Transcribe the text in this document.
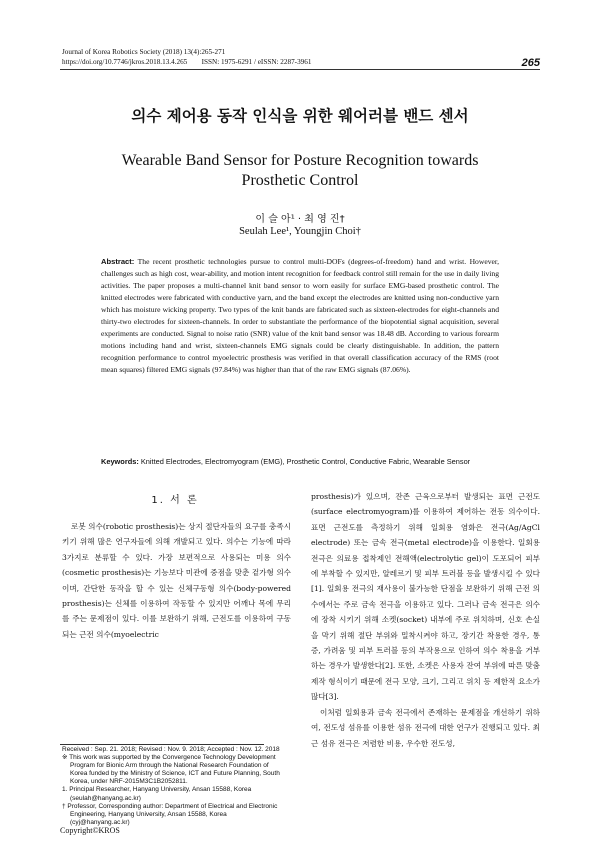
Journal of Korea Robotics Society (2018) 13(4):265-271
https://doi.org/10.7746/jkros.2018.13.4.265        ISSN: 1975-6291 / eISSN: 2287-3961	265
의수 제어용 동작 인식을 위한 웨어러블 밴드 센서
Wearable Band Sensor for Posture Recognition towards
Prosthetic Control
이 슬 아¹ · 최 영 진†
Seulah Lee¹, Youngjin Choi†
Abstract: The recent prosthetic technologies pursue to control multi-DOFs (degrees-of-freedom) hand and wrist. However, challenges such as high cost, wear-ability, and motion intent recognition for feedback control still remain for the use in daily living activities. The paper proposes a multi-channel knit band sensor to worn easily for surface EMG-based prosthetic control. The knitted electrodes were fabricated with conductive yarn, and the band except the electrodes are knitted using non-conductive yarn which has moisture wicking property. Two types of the knit bands are fabricated such as sixteen-electrodes for eight-channels and thirty-two electrodes for sixteen-channels. In order to substantiate the performance of the biopotential signal acquisition, several experiments are conducted. Signal to noise ratio (SNR) value of the knit band sensor was 18.48 dB. According to various forearm motions including hand and wrist, sixteen-channels EMG signals could be clearly distinguishable. In addition, the pattern recognition performance to control myoelectric prosthesis was verified in that overall classification accuracy of the RMS (root mean squares) filtered EMG signals (97.84%) was higher than that of the raw EMG signals (87.06%).
Keywords: Knitted Electrodes, Electromyogram (EMG), Prosthetic Control, Conductive Fabric, Wearable Sensor
1. 서 론
로봇 의수(robotic prosthesis)는 상지 절단자들의 요구를 충족시키기 위해 많은 연구자들에 의해 개발되고 있다. 의수는 기능에 따라 3가지로 분류할 수 있다. 가장 보편적으로 사용되는 미용 의수(cosmetic prosthesis)는 기능보다 미관에 중점을 맞춘 겉가형 의수이며, 간단한 동작을 할 수 있는 신체구동형 의수(body-powered prosthesis)는 신체를 이용하여 작동할 수 있지만 어깨나 목에 무리를 주는 문제점이 있다. 이를 보완하기 위해, 근전도를 이용하여 구동되는 근전 의수(myoelectric

prosthesis)가 있으며, 잔존 근육으로부터 발생되는 표면 근전도(surface electromyogram)를 이용하여 제어하는 전동 의수이다. 표면 근전도를 측정하기 위해 일회용 염화은 전극(Ag/AgCl electrode) 또는 금속 전극(metal electrode)을 이용한다. 일회용 전극은 의료용 접착제인 전해액(electrolytic gel)이 도포되어 피부에 부착할 수 있지만, 알레르기 및 피부 트러블 등을 발생시킬 수 있다[1]. 일회용 전극의 재사용이 불가능한 단점을 보완하기 위해 근전 의수에서는 주로 금속 전극을 이용하고 있다. 그러나 금속 전극은 의수에 장착 시키기 위해 소켓(socket) 내부에 주로 위치하며, 신호 손실을 막기 위해 절단 부위와 밀착시켜야 하고, 장기간 착용한 경우, 통증, 가려움 및 피부 트러블 등의 부작용으로 인하여 의수 착용을 거부하는 경우가 발생한다[2]. 또한, 소켓은 사용자 잔여 부위에 따른 맞춤 제작 형식이기 때문에 전극 모양, 크기, 그리고 위치 등 제한적 요소가 많다[3].

이처럼 일회용과 금속 전극에서 존재하는 문제점을 개선하기 위하여, 전도성 섬유를 이용한 섬유 전극에 대한 연구가 진행되고 있다. 최근 섬유 전극은 저렴한 비용, 우수한 전도성,

Received : Sep. 21. 2018; Revised : Nov. 9. 2018; Accepted : Nov. 12. 2018

※ This work was supported by the Convergence Technology Development Program for Bionic Arm through the National Research Foundation of Korea funded by the Ministry of Science, ICT and Future Planning, South Korea, under NRF-2015M3C1B2052811.

1. Principal Researcher, Hanyang University, Ansan 15588, Korea (seulah@hanyang.ac.kr)

† Professor, Corresponding author: Department of Electrical and Electronic Engineering, Hanyang University, Ansan 15588, Korea (cyj@hanyang.ac.kr)

Copyright©KROS
